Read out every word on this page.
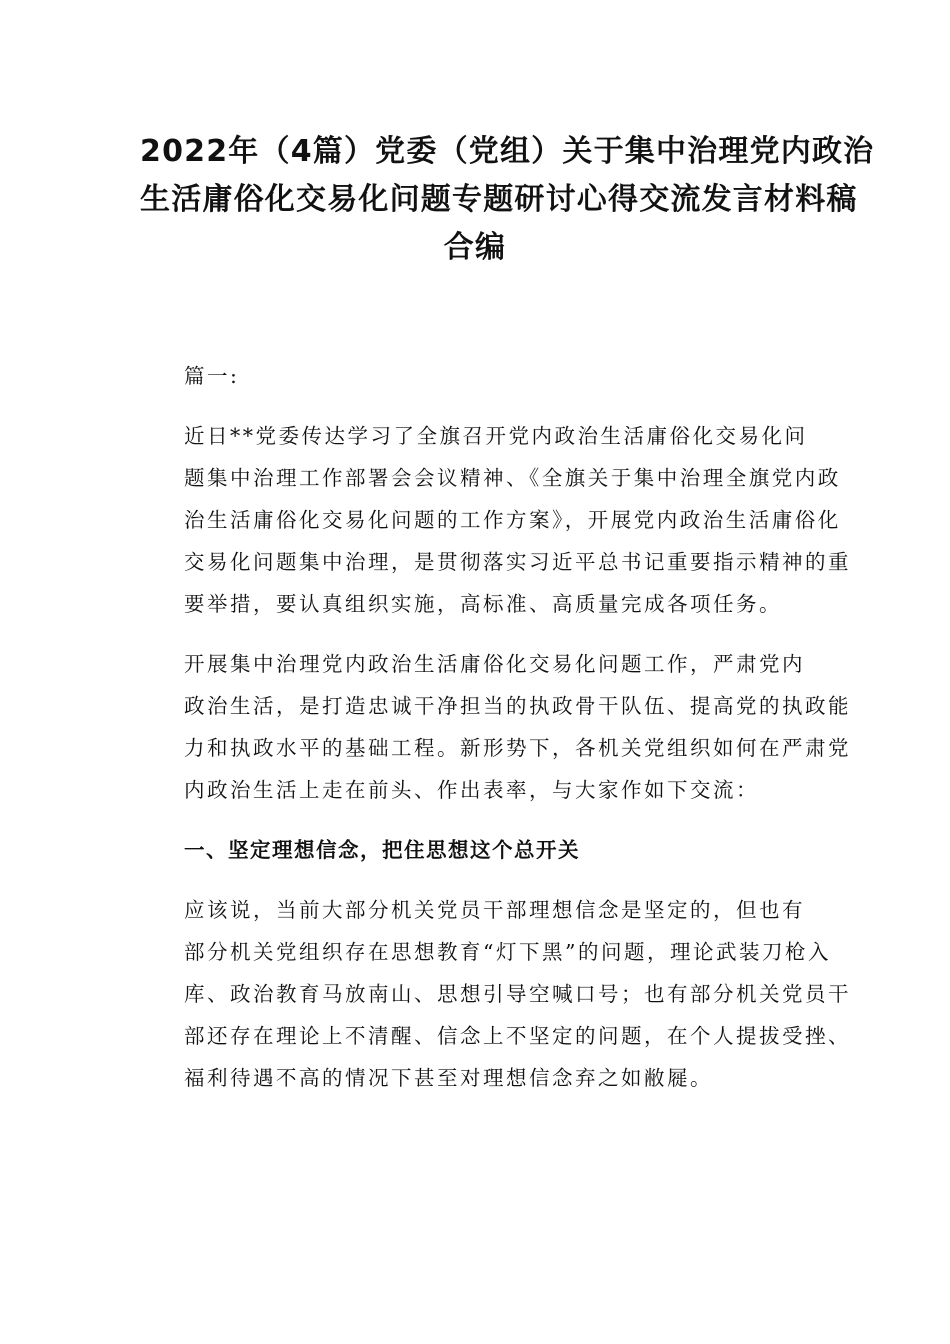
2022年（4篇）党委（党组）关于集中治理党内政治
生活庸俗化交易化问题专题研讨心得交流发言材料稿
合编

篇一:

近日**党委传达学习了全旗召开党内政治生活庸俗化交易化问
题集中治理工作部署会会议精神、《全旗关于集中治理全旗党内政
治生活庸俗化交易化问题的工作方案》，开展党内政治生活庸俗化
交易化问题集中治理，是贯彻落实习近平总书记重要指示精神的重
要举措，要认真组织实施，高标准、高质量完成各项任务。

开展集中治理党内政治生活庸俗化交易化问题工作，严肃党内
政治生活，是打造忠诚干净担当的执政骨干队伍、提高党的执政能
力和执政水平的基础工程。新形势下，各机关党组织如何在严肃党
内政治生活上走在前头、作出表率，与大家作如下交流：

一、坚定理想信念，把住思想这个总开关

应该说，当前大部分机关党员干部理想信念是坚定的，但也有
部分机关党组织存在思想教育“灯下黑”的问题，理论武装刀枪入
库、政治教育马放南山、思想引导空喊口号；也有部分机关党员干
部还存在理论上不清醒、信念上不坚定的问题，在个人提拔受挫、
福利待遇不高的情况下甚至对理想信念弃之如敝屣。
